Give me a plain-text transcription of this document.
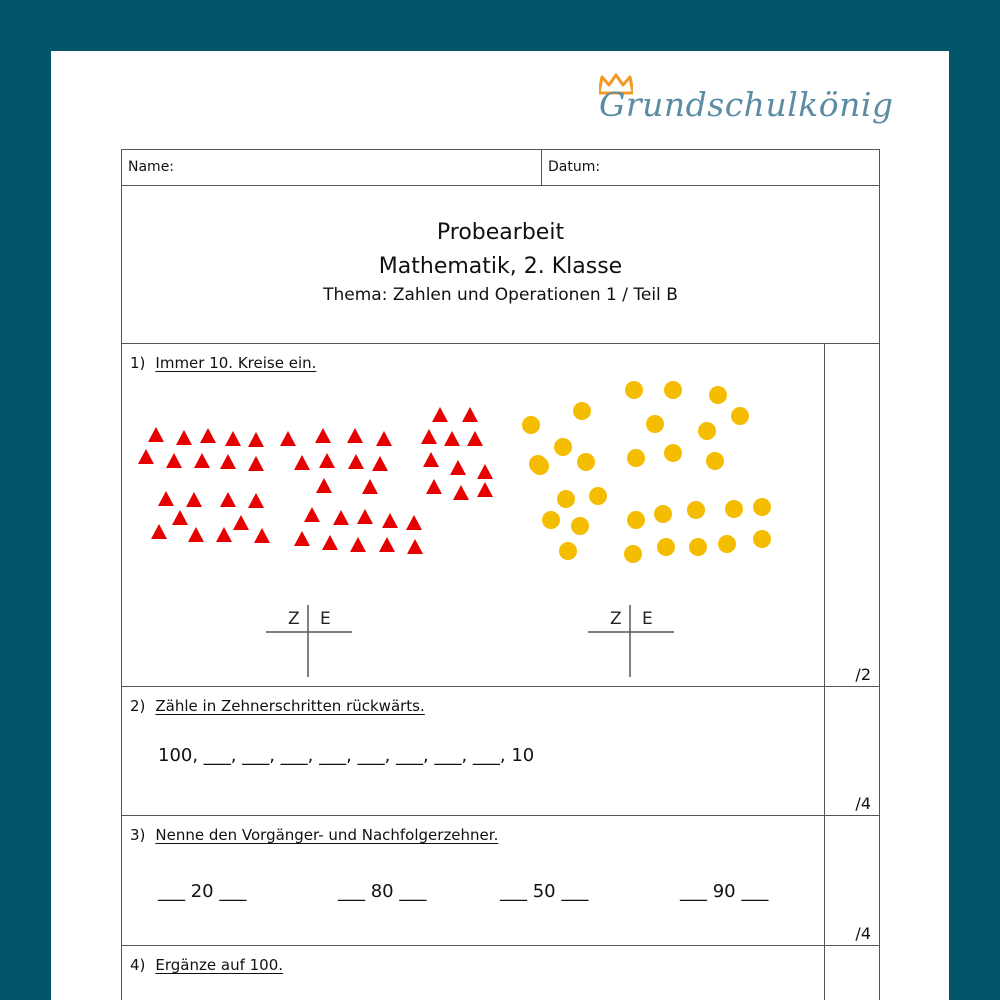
Grundschulkönig
Name:	Datum:
Probearbeit
Mathematik, 2. Klasse
Thema: Zahlen und Operationen 1 / Teil B
1) Immer 10. Kreise ein.
Z E	Z E
/2
2) Zähle in Zehnerschritten rückwärts.
100, ___, ___, ___, ___, ___, ___, ___, ___, 10
/4
3) Nenne den Vorgänger- und Nachfolgerzehner.
___ 20 ___	___ 80 ___	___ 50 ___	___ 90 ___
/4
4) Ergänze auf 100.
